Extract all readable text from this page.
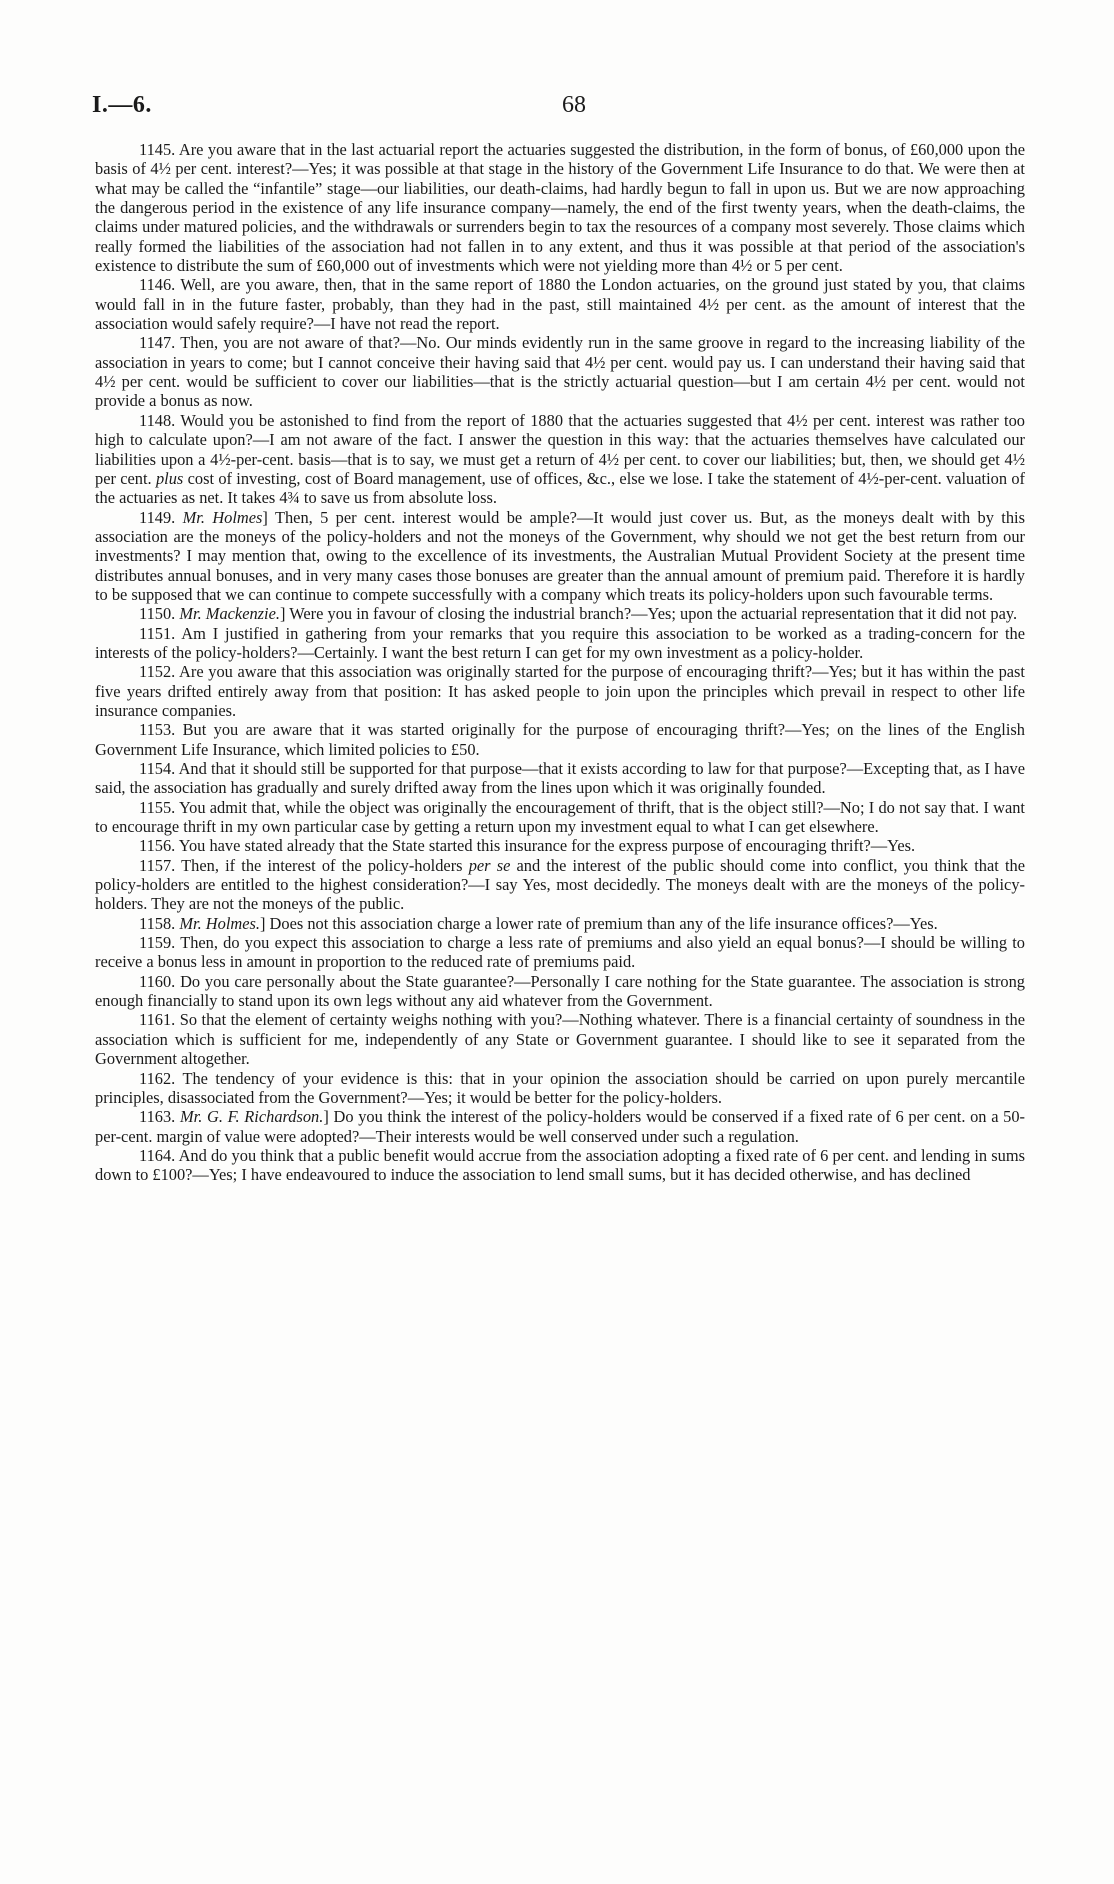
I.—6.	68

1145. Are you aware that in the last actuarial report the actuaries suggested the distribution, in the form of bonus, of £60,000 upon the basis of 4½ per cent. interest?—Yes; it was possible at that stage in the history of the Government Life Insurance to do that. We were then at what may be called the “infantile” stage—our liabilities, our death-claims, had hardly begun to fall in upon us. But we are now approaching the dangerous period in the existence of any life insurance company—namely, the end of the first twenty years, when the death-claims, the claims under matured policies, and the withdrawals or surrenders begin to tax the resources of a company most severely. Those claims which really formed the liabilities of the association had not fallen in to any extent, and thus it was possible at that period of the association's existence to distribute the sum of £60,000 out of investments which were not yielding more than 4½ or 5 per cent.

1146. Well, are you aware, then, that in the same report of 1880 the London actuaries, on the ground just stated by you, that claims would fall in in the future faster, probably, than they had in the past, still maintained 4½ per cent. as the amount of interest that the association would safely require?—I have not read the report.

1147. Then, you are not aware of that?—No. Our minds evidently run in the same groove in regard to the increasing liability of the association in years to come; but I cannot conceive their having said that 4½ per cent. would pay us. I can understand their having said that 4½ per cent. would be sufficient to cover our liabilities—that is the strictly actuarial question—but I am certain 4½ per cent. would not provide a bonus as now.

1148. Would you be astonished to find from the report of 1880 that the actuaries suggested that 4½ per cent. interest was rather too high to calculate upon?—I am not aware of the fact. I answer the question in this way: that the actuaries themselves have calculated our liabilities upon a 4½-per-cent. basis—that is to say, we must get a return of 4½ per cent. to cover our liabilities; but, then, we should get 4½ per cent. plus cost of investing, cost of Board management, use of offices, &c., else we lose. I take the statement of 4½-per-cent. valuation of the actuaries as net. It takes 4¾ to save us from absolute loss.

1149. Mr. Holmes] Then, 5 per cent. interest would be ample?—It would just cover us. But, as the moneys dealt with by this association are the moneys of the policy-holders and not the moneys of the Government, why should we not get the best return from our investments? I may mention that, owing to the excellence of its investments, the Australian Mutual Provident Society at the present time distributes annual bonuses, and in very many cases those bonuses are greater than the annual amount of premium paid. Therefore it is hardly to be supposed that we can continue to compete successfully with a company which treats its policy-holders upon such favourable terms.

1150. Mr. Mackenzie.] Were you in favour of closing the industrial branch?—Yes; upon the actuarial representation that it did not pay.

1151. Am I justified in gathering from your remarks that you require this association to be worked as a trading-concern for the interests of the policy-holders?—Certainly. I want the best return I can get for my own investment as a policy-holder.

1152. Are you aware that this association was originally started for the purpose of encouraging thrift?—Yes; but it has within the past five years drifted entirely away from that position: It has asked people to join upon the principles which prevail in respect to other life insurance companies.

1153. But you are aware that it was started originally for the purpose of encouraging thrift?—Yes; on the lines of the English Government Life Insurance, which limited policies to £50.

1154. And that it should still be supported for that purpose—that it exists according to law for that purpose?—Excepting that, as I have said, the association has gradually and surely drifted away from the lines upon which it was originally founded.

1155. You admit that, while the object was originally the encouragement of thrift, that is the object still?—No; I do not say that. I want to encourage thrift in my own particular case by getting a return upon my investment equal to what I can get elsewhere.

1156. You have stated already that the State started this insurance for the express purpose of encouraging thrift?—Yes.

1157. Then, if the interest of the policy-holders per se and the interest of the public should come into conflict, you think that the policy-holders are entitled to the highest consideration?—I say Yes, most decidedly. The moneys dealt with are the moneys of the policy-holders. They are not the moneys of the public.

1158. Mr. Holmes.] Does not this association charge a lower rate of premium than any of the life insurance offices?—Yes.

1159. Then, do you expect this association to charge a less rate of premiums and also yield an equal bonus?—I should be willing to receive a bonus less in amount in proportion to the reduced rate of premiums paid.

1160. Do you care personally about the State guarantee?—Personally I care nothing for the State guarantee. The association is strong enough financially to stand upon its own legs without any aid whatever from the Government.

1161. So that the element of certainty weighs nothing with you?—Nothing whatever. There is a financial certainty of soundness in the association which is sufficient for me, independently of any State or Government guarantee. I should like to see it separated from the Government altogether.

1162. The tendency of your evidence is this: that in your opinion the association should be carried on upon purely mercantile principles, disassociated from the Government?—Yes; it would be better for the policy-holders.

1163. Mr. G. F. Richardson.] Do you think the interest of the policy-holders would be conserved if a fixed rate of 6 per cent. on a 50-per-cent. margin of value were adopted?—Their interests would be well conserved under such a regulation.

1164. And do you think that a public benefit would accrue from the association adopting a fixed rate of 6 per cent. and lending in sums down to £100?—Yes; I have endeavoured to induce the association to lend small sums, but it has decided otherwise, and has declined
